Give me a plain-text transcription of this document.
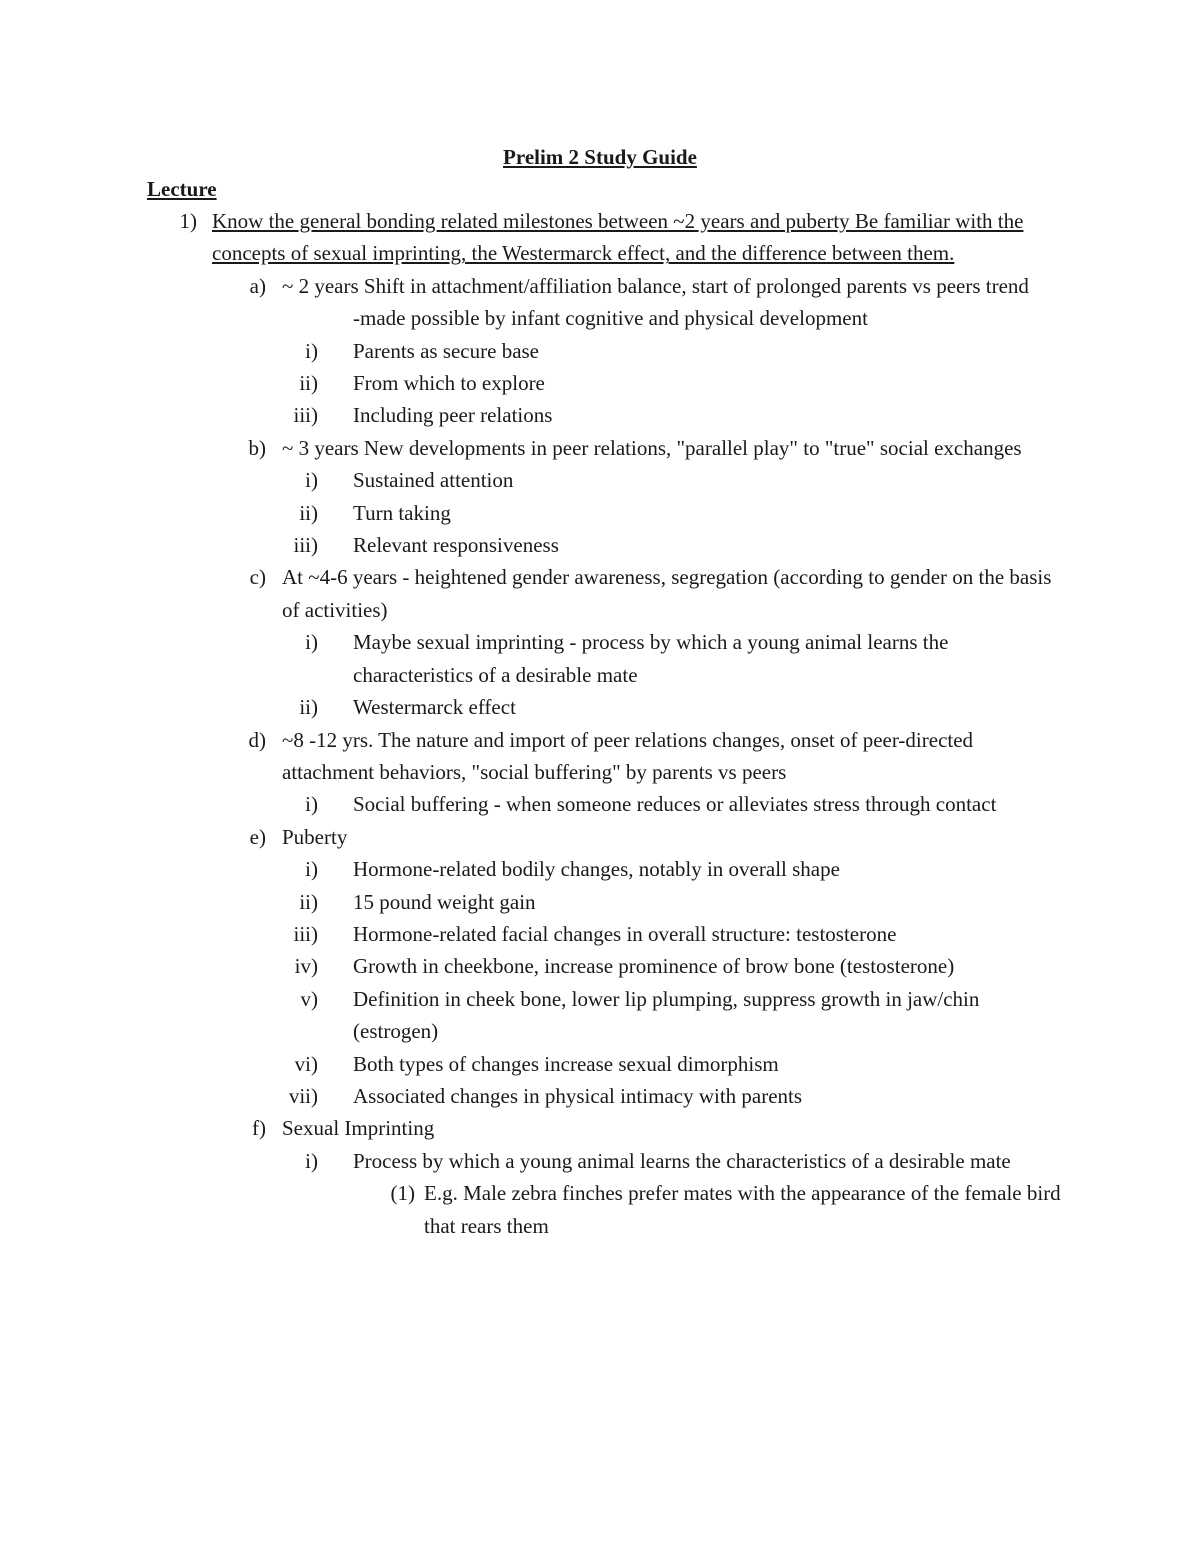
Prelim 2 Study Guide
Lecture
1) Know the general bonding related milestones between ~2 years and puberty Be familiar with the concepts of sexual imprinting, the Westermarck effect, and the difference between them.
a) ~ 2 years Shift in attachment/affiliation balance, start of prolonged parents vs peers trend
-made possible by infant cognitive and physical development
i) Parents as secure base
ii) From which to explore
iii) Including peer relations
b) ~ 3 years New developments in peer relations, "parallel play" to "true" social exchanges
i) Sustained attention
ii) Turn taking
iii) Relevant responsiveness
c) At ~4-6 years - heightened gender awareness, segregation (according to gender on the basis of activities)
i) Maybe sexual imprinting - process by which a young animal learns the characteristics of a desirable mate
ii) Westermarck effect
d) ~8 -12 yrs. The nature and import of peer relations changes, onset of peer-directed attachment behaviors, "social buffering" by parents vs peers
i) Social buffering - when someone reduces or alleviates stress through contact
e) Puberty
i) Hormone-related bodily changes, notably in overall shape
ii) 15 pound weight gain
iii) Hormone-related facial changes in overall structure: testosterone
iv) Growth in cheekbone, increase prominence of brow bone (testosterone)
v) Definition in cheek bone, lower lip plumping, suppress growth in jaw/chin (estrogen)
vi) Both types of changes increase sexual dimorphism
vii) Associated changes in physical intimacy with parents
f) Sexual Imprinting
i) Process by which a young animal learns the characteristics of a desirable mate
(1) E.g. Male zebra finches prefer mates with the appearance of the female bird that rears them
